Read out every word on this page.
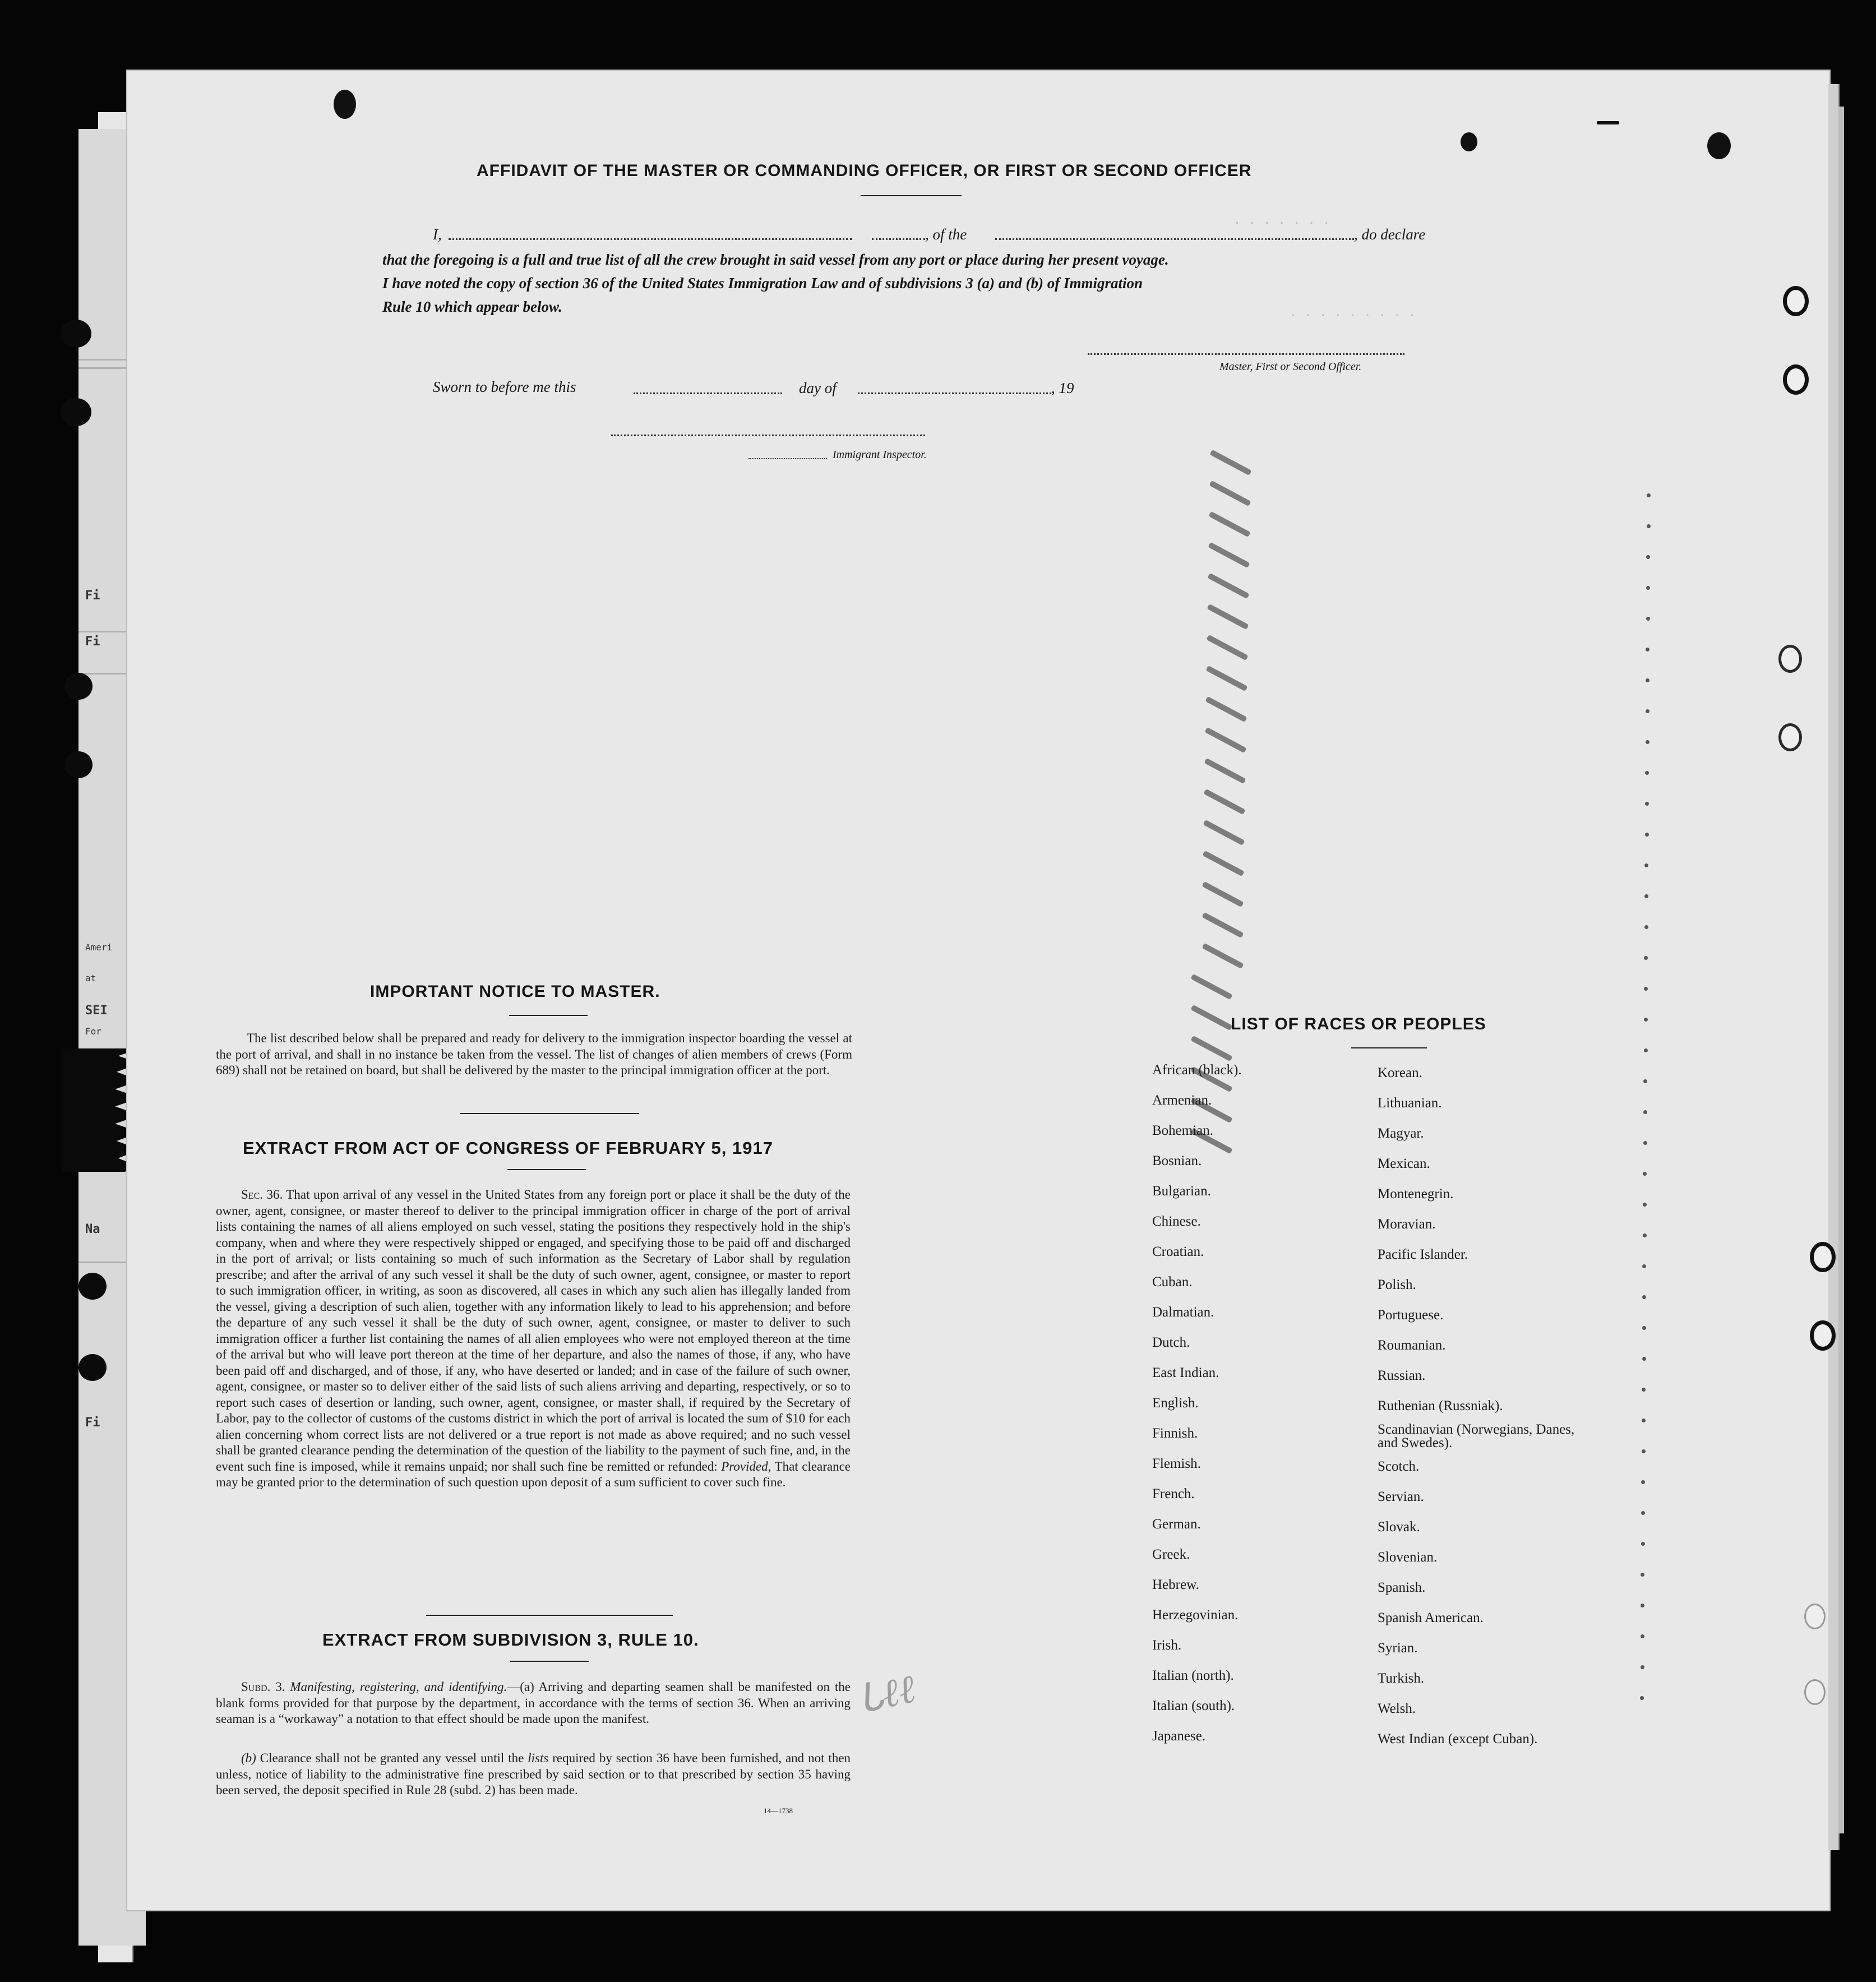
Fi
Fi
Ameri
at
SEI
For
Na
Fi
. . . . . . .
. . . . . . . . .
AFFIDAVIT OF THE MASTER OR COMMANDING OFFICER, OR FIRST OR SECOND OFFICER
I,	, of the	, do declare
that the foregoing is a full and true list of all the crew brought in said vessel from any port or place during her present voyage.
I have noted the copy of section 36 of the United States Immigration Law and of subdivisions 3 (a) and (b) of Immigration
Rule 10 which appear below.
Master, First or Second Officer.
Sworn to before me this	day of	, 19
Immigrant Inspector.
IMPORTANT NOTICE TO MASTER.
The list described below shall be prepared and ready for delivery to the immigration inspector boarding the vessel at the port of arrival, and shall in no instance be taken from the vessel. The list of changes of alien members of crews (Form 689) shall not be retained on board, but shall be delivered by the master to the principal immigration officer at the port.
EXTRACT FROM ACT OF CONGRESS OF FEBRUARY 5, 1917
Sec. 36. That upon arrival of any vessel in the United States from any foreign port or place it shall be the duty of the owner, agent, consignee, or master thereof to deliver to the principal immigration officer in charge of the port of arrival lists containing the names of all aliens employed on such vessel, stating the positions they respectively hold in the ship's company, when and where they were respectively shipped or engaged, and specifying those to be paid off and discharged in the port of arrival; or lists containing so much of such information as the Secretary of Labor shall by regulation prescribe; and after the arrival of any such vessel it shall be the duty of such owner, agent, consignee, or master to report to such immigration officer, in writing, as soon as discovered, all cases in which any such alien has illegally landed from the vessel, giving a description of such alien, together with any information likely to lead to his apprehension; and before the departure of any such vessel it shall be the duty of such owner, agent, consignee, or master to deliver to such immigration officer a further list containing the names of all alien employees who were not employed thereon at the time of the arrival but who will leave port thereon at the time of her departure, and also the names of those, if any, who have been paid off and discharged, and of those, if any, who have deserted or landed; and in case of the failure of such owner, agent, consignee, or master so to deliver either of the said lists of such aliens arriving and departing, respectively, or so to report such cases of desertion or landing, such owner, agent, consignee, or master shall, if required by the Secretary of Labor, pay to the collector of customs of the customs district in which the port of arrival is located the sum of $10 for each alien concerning whom correct lists are not delivered or a true report is not made as above required; and no such vessel shall be granted clearance pending the determination of the question of the liability to the payment of such fine, and, in the event such fine is imposed, while it remains unpaid; nor shall such fine be remitted or refunded: Provided, That clearance may be granted prior to the determination of such question upon deposit of a sum sufficient to cover such fine.
EXTRACT FROM SUBDIVISION 3, RULE 10.
Subd. 3. Manifesting, registering, and identifying.—(a) Arriving and departing seamen shall be manifested on the blank forms provided for that purpose by the department, in accordance with the terms of section 36. When an arriving seaman is a “workaway” a notation to that effect should be made upon the manifest.
(b) Clearance shall not be granted any vessel until the lists required by section 36 have been furnished, and not then unless, notice of liability to the administrative fine prescribed by said section or to that prescribed by section 35 having been served, the deposit specified in Rule 28 (subd. 2) has been made.
14—1738
ᒐℓℓ
LIST OF RACES OR PEOPLES
African (black).
Armenian.
Bohemian.
Bosnian.
Bulgarian.
Chinese.
Croatian.
Cuban.
Dalmatian.
Dutch.
East Indian.
English.
Finnish.
Flemish.
French.
German.
Greek.
Hebrew.
Herzegovinian.
Irish.
Italian (north).
Italian (south).
Japanese.
Korean.
Lithuanian.
Magyar.
Mexican.
Montenegrin.
Moravian.
Pacific Islander.
Polish.
Portuguese.
Roumanian.
Russian.
Ruthenian (Russniak).
Scandinavian (Norwegians, Danes, and Swedes).
Scotch.
Servian.
Slovak.
Slovenian.
Spanish.
Spanish American.
Syrian.
Turkish.
Welsh.
West Indian (except Cuban).
